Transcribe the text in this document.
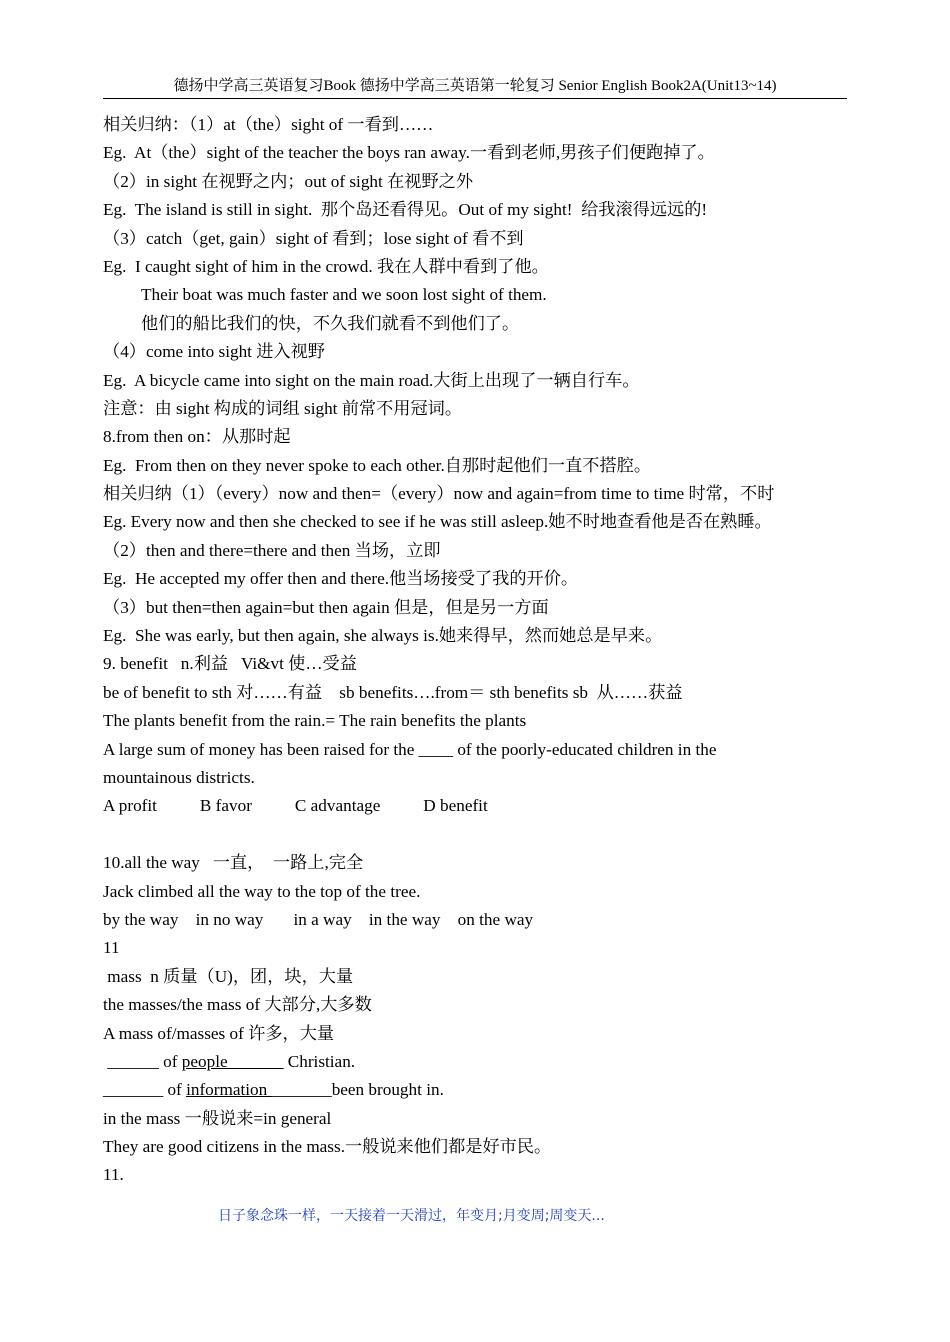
德扬中学高三英语复习Book 德扬中学高三英语第一轮复习 Senior English Book2A(Unit13~14)
相关归纳：（1）at（the）sight of 一看到……
Eg.  At（the）sight of the teacher the boys ran away.一看到老师,男孩子们便跑掉了。
（2）in sight 在视野之内；out of sight 在视野之外
Eg.  The island is still in sight.  那个岛还看得见。Out of my sight!  给我滚得远远的!
（3）catch（get, gain）sight of 看到；lose sight of 看不到
Eg.  I caught sight of him in the crowd. 我在人群中看到了他。
Their boat was much faster and we soon lost sight of them.
他们的船比我们的快，不久我们就看不到他们了。
（4）come into sight 进入视野
Eg.  A bicycle came into sight on the main road.大街上出现了一辆自行车。
注意：由 sight 构成的词组 sight 前常不用冠词。
8.from then on：从那时起
Eg.  From then on they never spoke to each other.自那时起他们一直不搭腔。
相关归纳（1）（every）now and then=（every）now and again=from time to time 时常，不时
Eg. Every now and then she checked to see if he was still asleep.她不时地查看他是否在熟睡。
（2）then and there=there and then 当场，立即
Eg.  He accepted my offer then and there.他当场接受了我的开价。
（3）but then=then again=but then again 但是，但是另一方面
Eg.  She was early, but then again, she always is.她来得早，然而她总是早来。
9. benefit   n.利益   Vi&vt 使…受益
be of benefit to sth 对……有益    sb benefits….from＝ sth benefits sb  从……获益
The plants benefit from the rain.= The rain benefits the plants
A large sum of money has been raised for the ____ of the poorly-educated children in the
mountainous districts.
A profit          B favor          C advantage          D benefit
10.all the way   一直，  一路上,完全
Jack climbed all the way to the top of the tree.
by the way    in no way       in a way    in the way    on the way
11
mass  n 质量（U)，团，块，大量
the masses/the mass of 大部分,大多数
A mass of/masses of 许多，大量
______ of people ______ Christian.
_______ of information _______been brought in.
in the mass 一般说来=in general
They are good citizens in the mass.一般说来他们都是好市民。
11.
日子象念珠一样，一天接着一天滑过，年变月;月变周;周变天...
